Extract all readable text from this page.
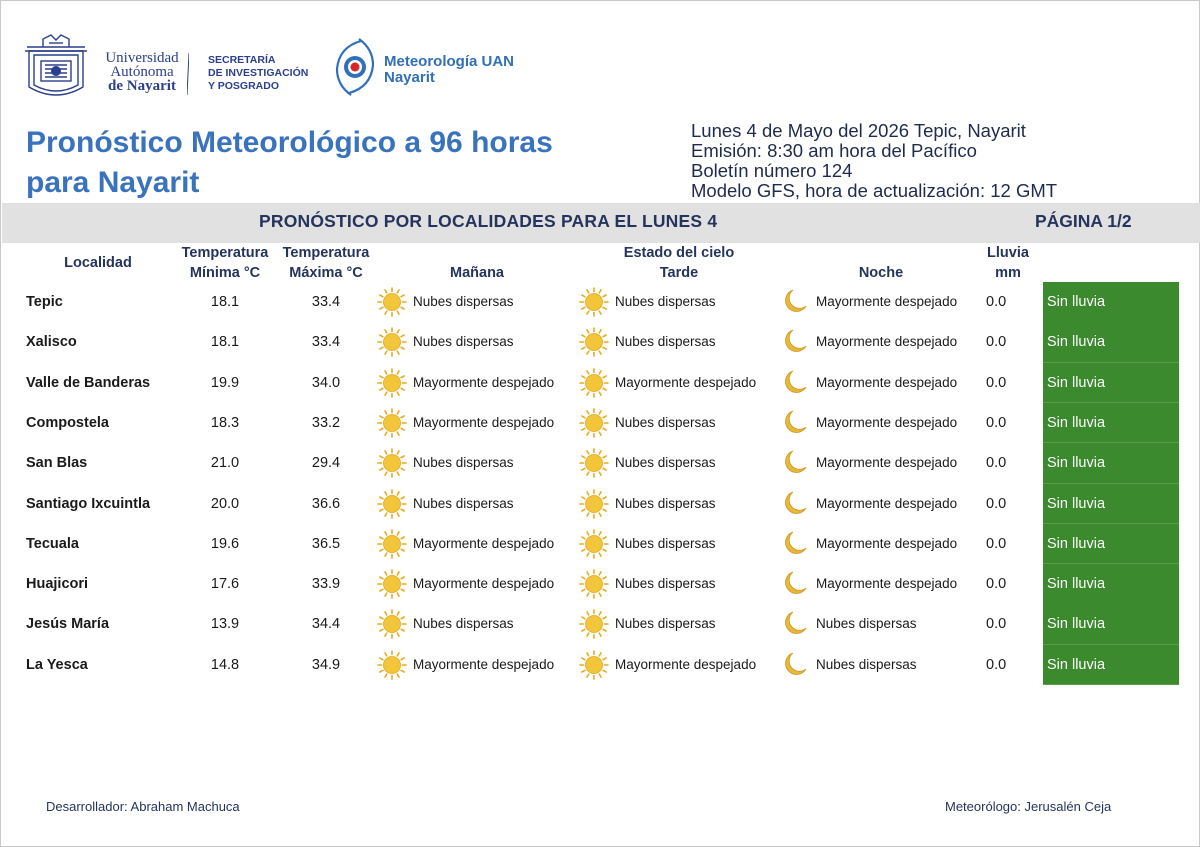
Universidad
Autónoma
de Nayarit
SECRETARÍA
DE INVESTIGACIÓN
Y POSGRADO
Meteorología UAN
Nayarit
Pronóstico Meteorológico a 96 horas
para Nayarit
Lunes 4 de Mayo del 2026 Tepic, Nayarit
Emisión: 8:30 am hora del Pacífico
Boletín número 124
Modelo GFS, hora de actualización: 12 GMT
PRONÓSTICO POR LOCALIDADES PARA EL LUNES 4	PÁGINA 1/2
Localidad
Temperatura
Mínima °C
Temperatura
Máxima °C
Estado del cielo
Mañana	Tarde	Noche
Lluvia
mm
Tepic	18.1	33.4	Nubes dispersas	Nubes dispersas	Mayormente despejado 0.0	Sin lluvia
Xalisco	18.1	33.4	Nubes dispersas	Nubes dispersas	Mayormente despejado 0.0	Sin lluvia
Valle de Banderas	19.9	34.0	Mayormente despejado	Mayormente despejado	Mayormente despejado 0.0	Sin lluvia
Compostela	18.3	33.2	Mayormente despejado	Nubes dispersas	Mayormente despejado 0.0	Sin lluvia
San Blas	21.0	29.4	Nubes dispersas	Nubes dispersas	Mayormente despejado 0.0	Sin lluvia
Santiago Ixcuintla	20.0	36.6	Nubes dispersas	Nubes dispersas	Mayormente despejado 0.0	Sin lluvia
Tecuala	19.6	36.5	Mayormente despejado	Nubes dispersas	Mayormente despejado 0.0	Sin lluvia
Huajicori	17.6	33.9	Mayormente despejado	Nubes dispersas	Mayormente despejado 0.0	Sin lluvia
Jesús María	13.9	34.4	Nubes dispersas	Nubes dispersas	Nubes dispersas	0.0	Sin lluvia
La Yesca	14.8	34.9	Mayormente despejado	Mayormente despejado	Nubes dispersas	0.0	Sin lluvia
Desarrollador: Abraham Machuca	Meteorólogo: Jerusalén Ceja
